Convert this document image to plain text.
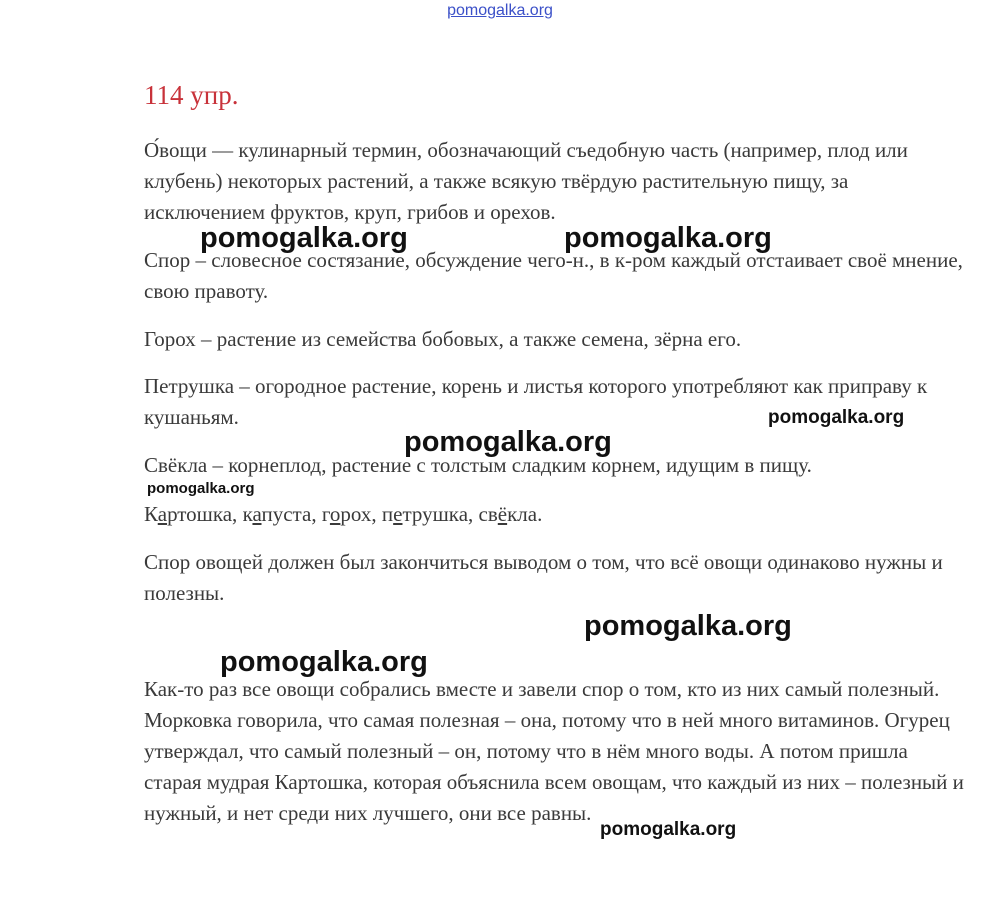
pomogalka.org
114 упр.

О́вощи — кулинарный термин, обозначающий съедобную часть (например, плод или клубень) некоторых растений, а также всякую твёрдую растительную пищу, за исключением фруктов, круп, грибов и орехов.

Спор – словесное состязание, обсуждение чего-н., в к-ром каждый отстаивает своё мнение, свою правоту.

Горох – растение из семейства бобовых, а также семена, зёрна его.

Петрушка – огородное растение, корень и листья которого употребляют как приправу к кушаньям.

Свёкла – корнеплод, растение с толстым сладким корнем, идущим в пищу.

Картошка, капуста, горох, петрушка, свёкла.

Спор овощей должен был закончиться выводом о том, что всё овощи одинаково нужны и полезны.

Как-то раз все овощи собрались вместе и завели спор о том, кто из них самый полезный. Морковка говорила, что самая полезная – она, потому что в ней много витаминов. Огурец утверждал, что самый полезный – он, потому что в нём много воды. А потом пришла старая мудрая Картошка, которая объяснила всем овощам, что каждый из них – полезный и нужный, и нет среди них лучшего, они все равны.

pomogalka.org	pomogalka.org
pomogalka.org
pomogalka.org
pomogalka.org
pomogalka.org
pomogalka.org
pomogalka.org
